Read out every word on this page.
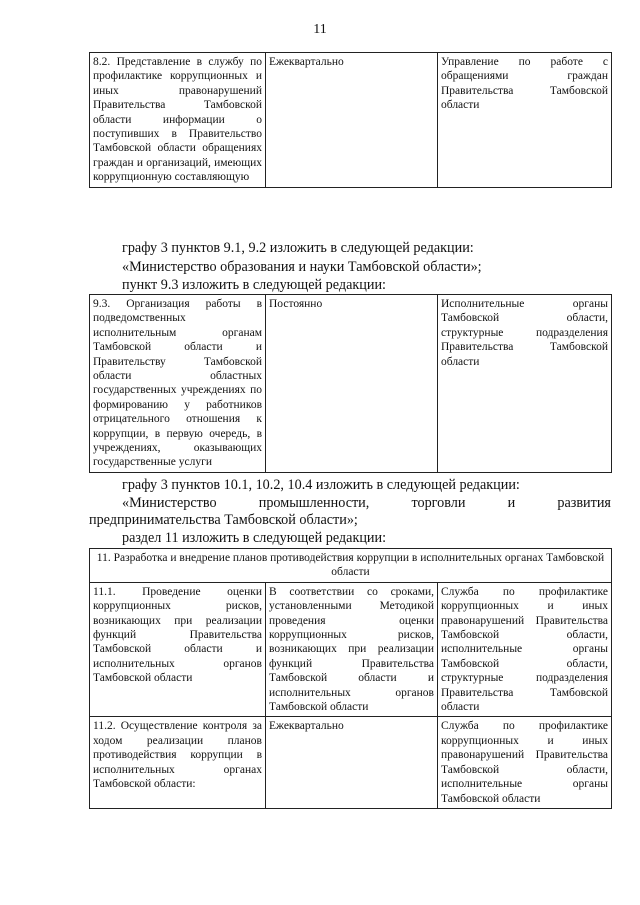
11
8.2. Представление в службу по профилактике коррупционных и иных правонарушений Правительства Тамбовской области информации о поступивших в Правительство Тамбовской области обращениях граждан и организаций, имеющих коррупционную составляющую	Ежеквартально	Управление по работе с обращениями граждан Правительства Тамбовской области
графу 3 пунктов 9.1, 9.2 изложить в следующей редакции:
«Министерство образования и науки Тамбовской области»;
пункт 9.3 изложить в следующей редакции:
9.3. Организация работы в подведомственных исполнительным органам Тамбовской области и Правительству Тамбовской области областных государственных учреждениях по формированию у работников отрицательного отношения к коррупции, в первую очередь, в учреждениях, оказывающих государственные услуги	Постоянно	Исполнительные органы Тамбовской области, структурные подразделения Правительства Тамбовской области
графу 3 пунктов 10.1, 10.2, 10.4 изложить в следующей редакции:
«Министерство	промышленности,	торговли	и	развития
предпринимательства Тамбовской области»;
раздел 11 изложить в следующей редакции:
11. Разработка и внедрение планов противодействия коррупции в исполнительных органах Тамбовской области		
11.1. Проведение оценки коррупционных рисков, возникающих при реализации функций Правительства Тамбовской области и исполнительных органов Тамбовской области	В соответствии со сроками, установленными Методикой проведения оценки коррупционных рисков, возникающих при реализации функций Правительства Тамбовской области и исполнительных органов Тамбовской области	Служба по профилактике коррупционных и иных правонарушений Правительства Тамбовской области, исполнительные органы Тамбовской области, структурные подразделения Правительства Тамбовской области
11.2. Осуществление контроля за ходом реализации планов противодействия коррупции в исполнительных органах Тамбовской области:	Ежеквартально	Служба по профилактике коррупционных и иных правонарушений Правительства Тамбовской области, исполнительные органы Тамбовской области
